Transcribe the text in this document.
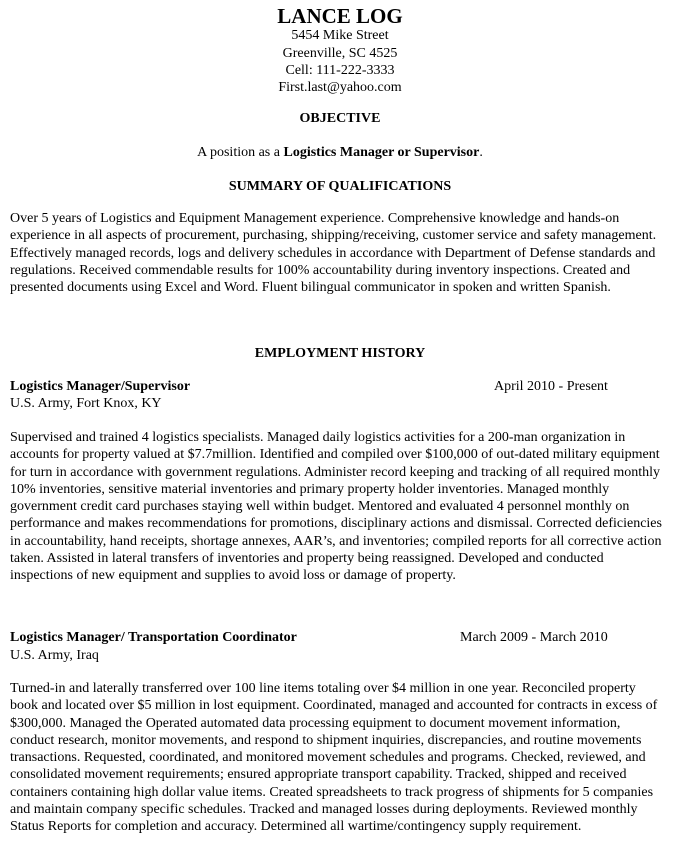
LANCE LOG
5454 Mike Street
Greenville, SC 4525
Cell: 111-222-3333
First.last@yahoo.com
OBJECTIVE
A position as a Logistics Manager or Supervisor.
SUMMARY OF QUALIFICATIONS
Over 5 years of Logistics and Equipment Management experience. Comprehensive knowledge and hands-on experience in all aspects of procurement, purchasing, shipping/receiving, customer service and safety management. Effectively managed records, logs and delivery schedules in accordance with Department of Defense standards and regulations. Received commendable results for 100% accountability during inventory inspections. Created and presented documents using Excel and Word. Fluent bilingual communicator in spoken and written Spanish.
EMPLOYMENT HISTORY
Logistics Manager/Supervisor	April 2010 - Present
U.S. Army, Fort Knox, KY
Supervised and trained 4 logistics specialists. Managed daily logistics activities for a 200-man organization in accounts for property valued at $7.7million. Identified and compiled over $100,000 of out-dated military equipment for turn in accordance with government regulations. Administer record keeping and tracking of all required monthly 10% inventories, sensitive material inventories and primary property holder inventories. Managed monthly government credit card purchases staying well within budget. Mentored and evaluated 4 personnel monthly on performance and makes recommendations for promotions, disciplinary actions and dismissal. Corrected deficiencies in accountability, hand receipts, shortage annexes, AAR’s, and inventories; compiled reports for all corrective action taken. Assisted in lateral transfers of inventories and property being reassigned. Developed and conducted inspections of new equipment and supplies to avoid loss or damage of property.
Logistics Manager/ Transportation Coordinator	March 2009 - March 2010
U.S. Army, Iraq
Turned-in and laterally transferred over 100 line items totaling over $4 million in one year. Reconciled property book and located over $5 million in lost equipment. Coordinated, managed and accounted for contracts in excess of $300,000. Managed the Operated automated data processing equipment to document movement information, conduct research, monitor movements, and respond to shipment inquiries, discrepancies, and routine movements transactions. Requested, coordinated, and monitored movement schedules and programs. Checked, reviewed, and consolidated movement requirements; ensured appropriate transport capability. Tracked, shipped and received containers containing high dollar value items. Created spreadsheets to track progress of shipments for 5 companies and maintain company specific schedules. Tracked and managed losses during deployments. Reviewed monthly Status Reports for completion and accuracy. Determined all wartime/contingency supply requirement.
